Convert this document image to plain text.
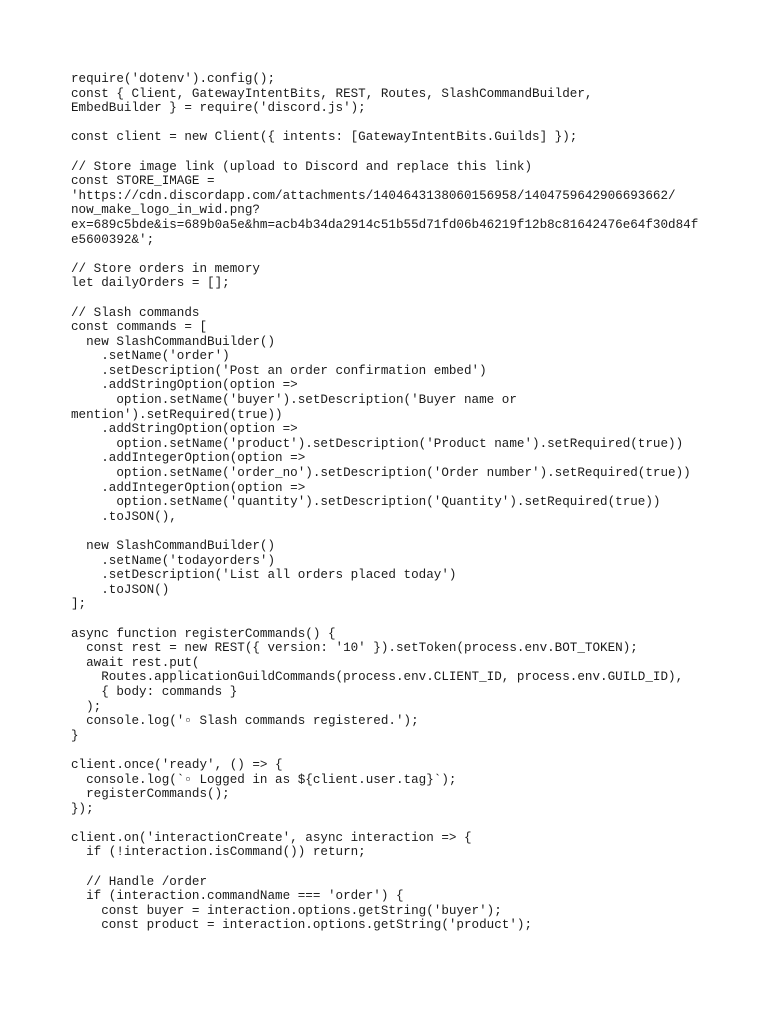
require('dotenv').config();
const { Client, GatewayIntentBits, REST, Routes, SlashCommandBuilder,
EmbedBuilder } = require('discord.js');
const client = new Client({ intents: [GatewayIntentBits.Guilds] });
// Store image link (upload to Discord and replace this link)
const STORE_IMAGE =
'https://cdn.discordapp.com/attachments/1404643138060156958/1404759642906693662/
now_make_logo_in_wid.png?
ex=689c5bde&is=689b0a5e&hm=acb4b34da2914c51b55d71fd06b46219f12b8c81642476e64f30d84f
e5600392&';
// Store orders in memory
let dailyOrders = [];
// Slash commands
const commands = [
new SlashCommandBuilder()
.setName('order')
.setDescription('Post an order confirmation embed')
.addStringOption(option =>
option.setName('buyer').setDescription('Buyer name or
mention').setRequired(true))
.addStringOption(option =>
option.setName('product').setDescription('Product name').setRequired(true))
.addIntegerOption(option =>
option.setName('order_no').setDescription('Order number').setRequired(true))
.addIntegerOption(option =>
option.setName('quantity').setDescription('Quantity').setRequired(true))
.toJSON(),
new SlashCommandBuilder()
.setName('todayorders')
.setDescription('List all orders placed today')
.toJSON()
];
async function registerCommands() {
const rest = new REST({ version: '10' }).setToken(process.env.BOT_TOKEN);
await rest.put(
Routes.applicationGuildCommands(process.env.CLIENT_ID, process.env.GUILD_ID),
{ body: commands }
);
console.log('▫ Slash commands registered.');
}
client.once('ready', () => {
console.log(`▫ Logged in as ${client.user.tag}`);
registerCommands();
});
client.on('interactionCreate', async interaction => {
if (!interaction.isCommand()) return;
// Handle /order
if (interaction.commandName === 'order') {
const buyer = interaction.options.getString('buyer');
const product = interaction.options.getString('product');
